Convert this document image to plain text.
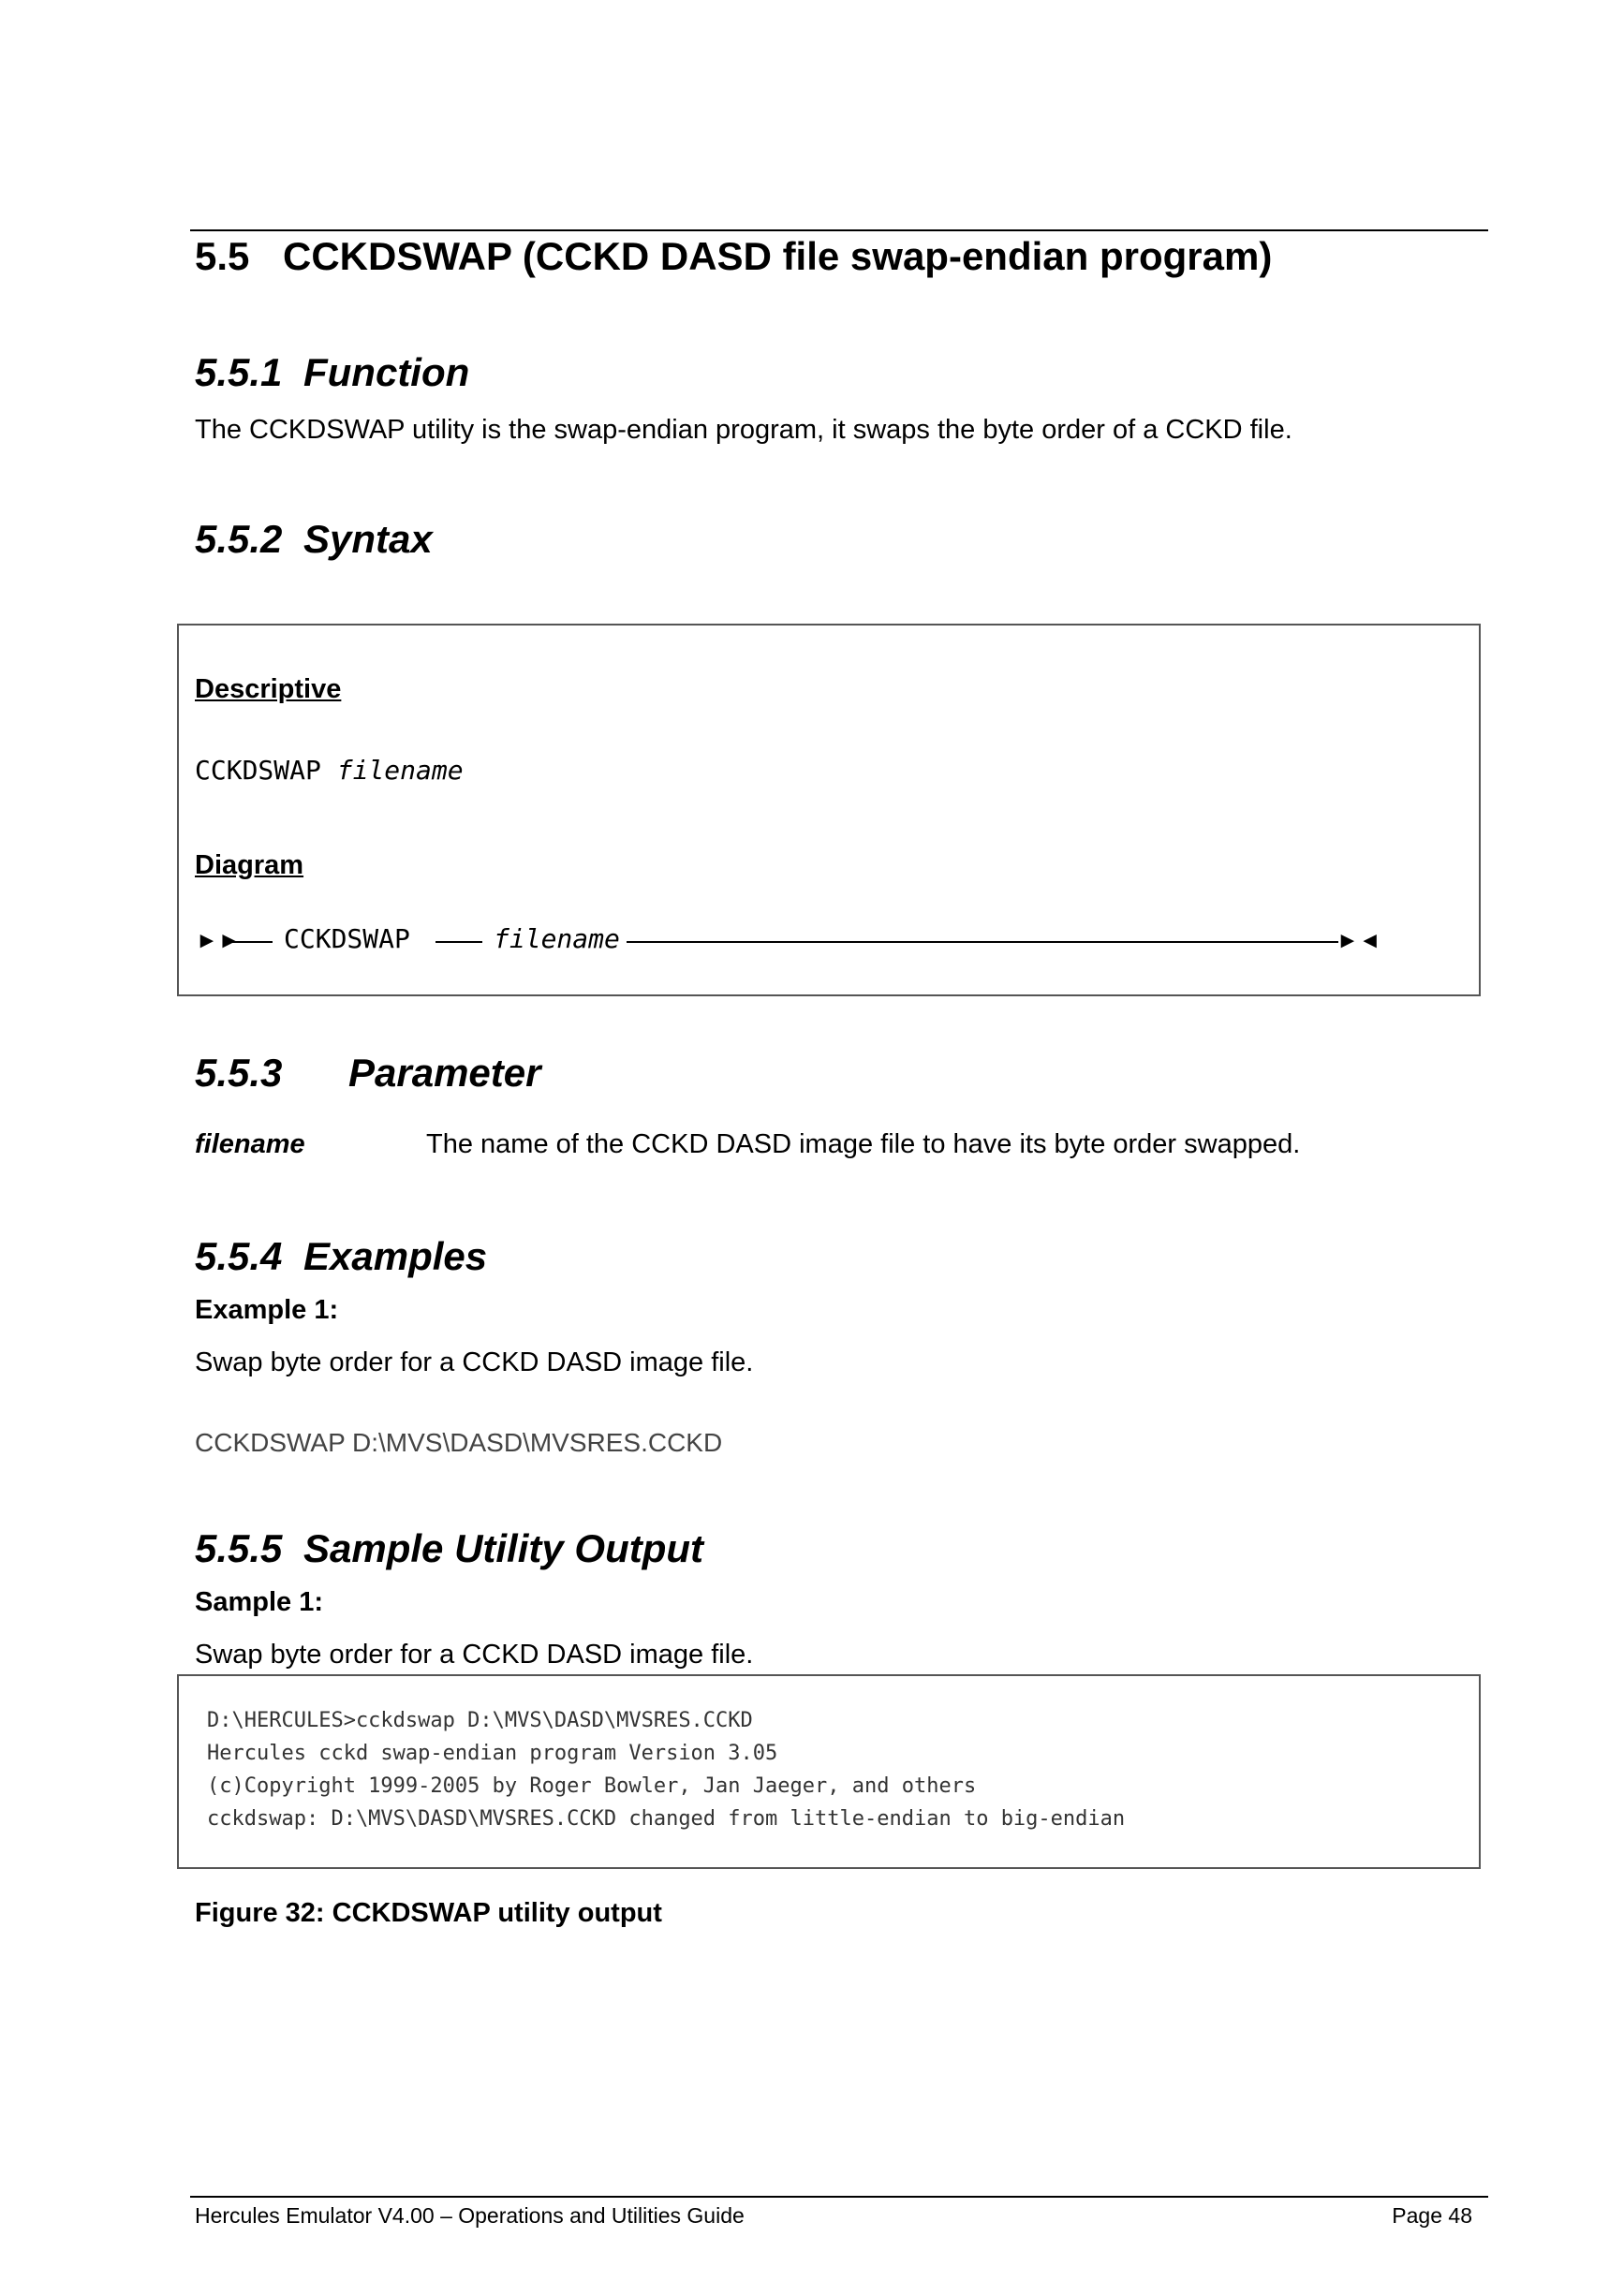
5.5 CCKDSWAP (CCKD DASD file swap-endian program)
5.5.1 Function
The CCKDSWAP utility is the swap-endian program, it swaps the byte order of a CCKD file.
5.5.2 Syntax
Descriptive
CCKDSWAP filename
Diagram
►► CCKDSWAP	filename	►◄
5.5.3 Parameter
filename	The name of the CCKD DASD image file to have its byte order swapped.
5.5.4 Examples
Example 1:
Swap byte order for a CCKD DASD image file.
CCKDSWAP D:\MVS\DASD\MVSRES.CCKD
5.5.5 Sample Utility Output
Sample 1:
Swap byte order for a CCKD DASD image file.
D:\HERCULES>cckdswap D:\MVS\DASD\MVSRES.CCKD
Hercules cckd swap-endian program Version 3.05
(c)Copyright 1999-2005 by Roger Bowler, Jan Jaeger, and others
cckdswap: D:\MVS\DASD\MVSRES.CCKD changed from little-endian to big-endian
Figure 32: CCKDSWAP utility output
Hercules Emulator V4.00 – Operations and Utilities Guide	Page 48
